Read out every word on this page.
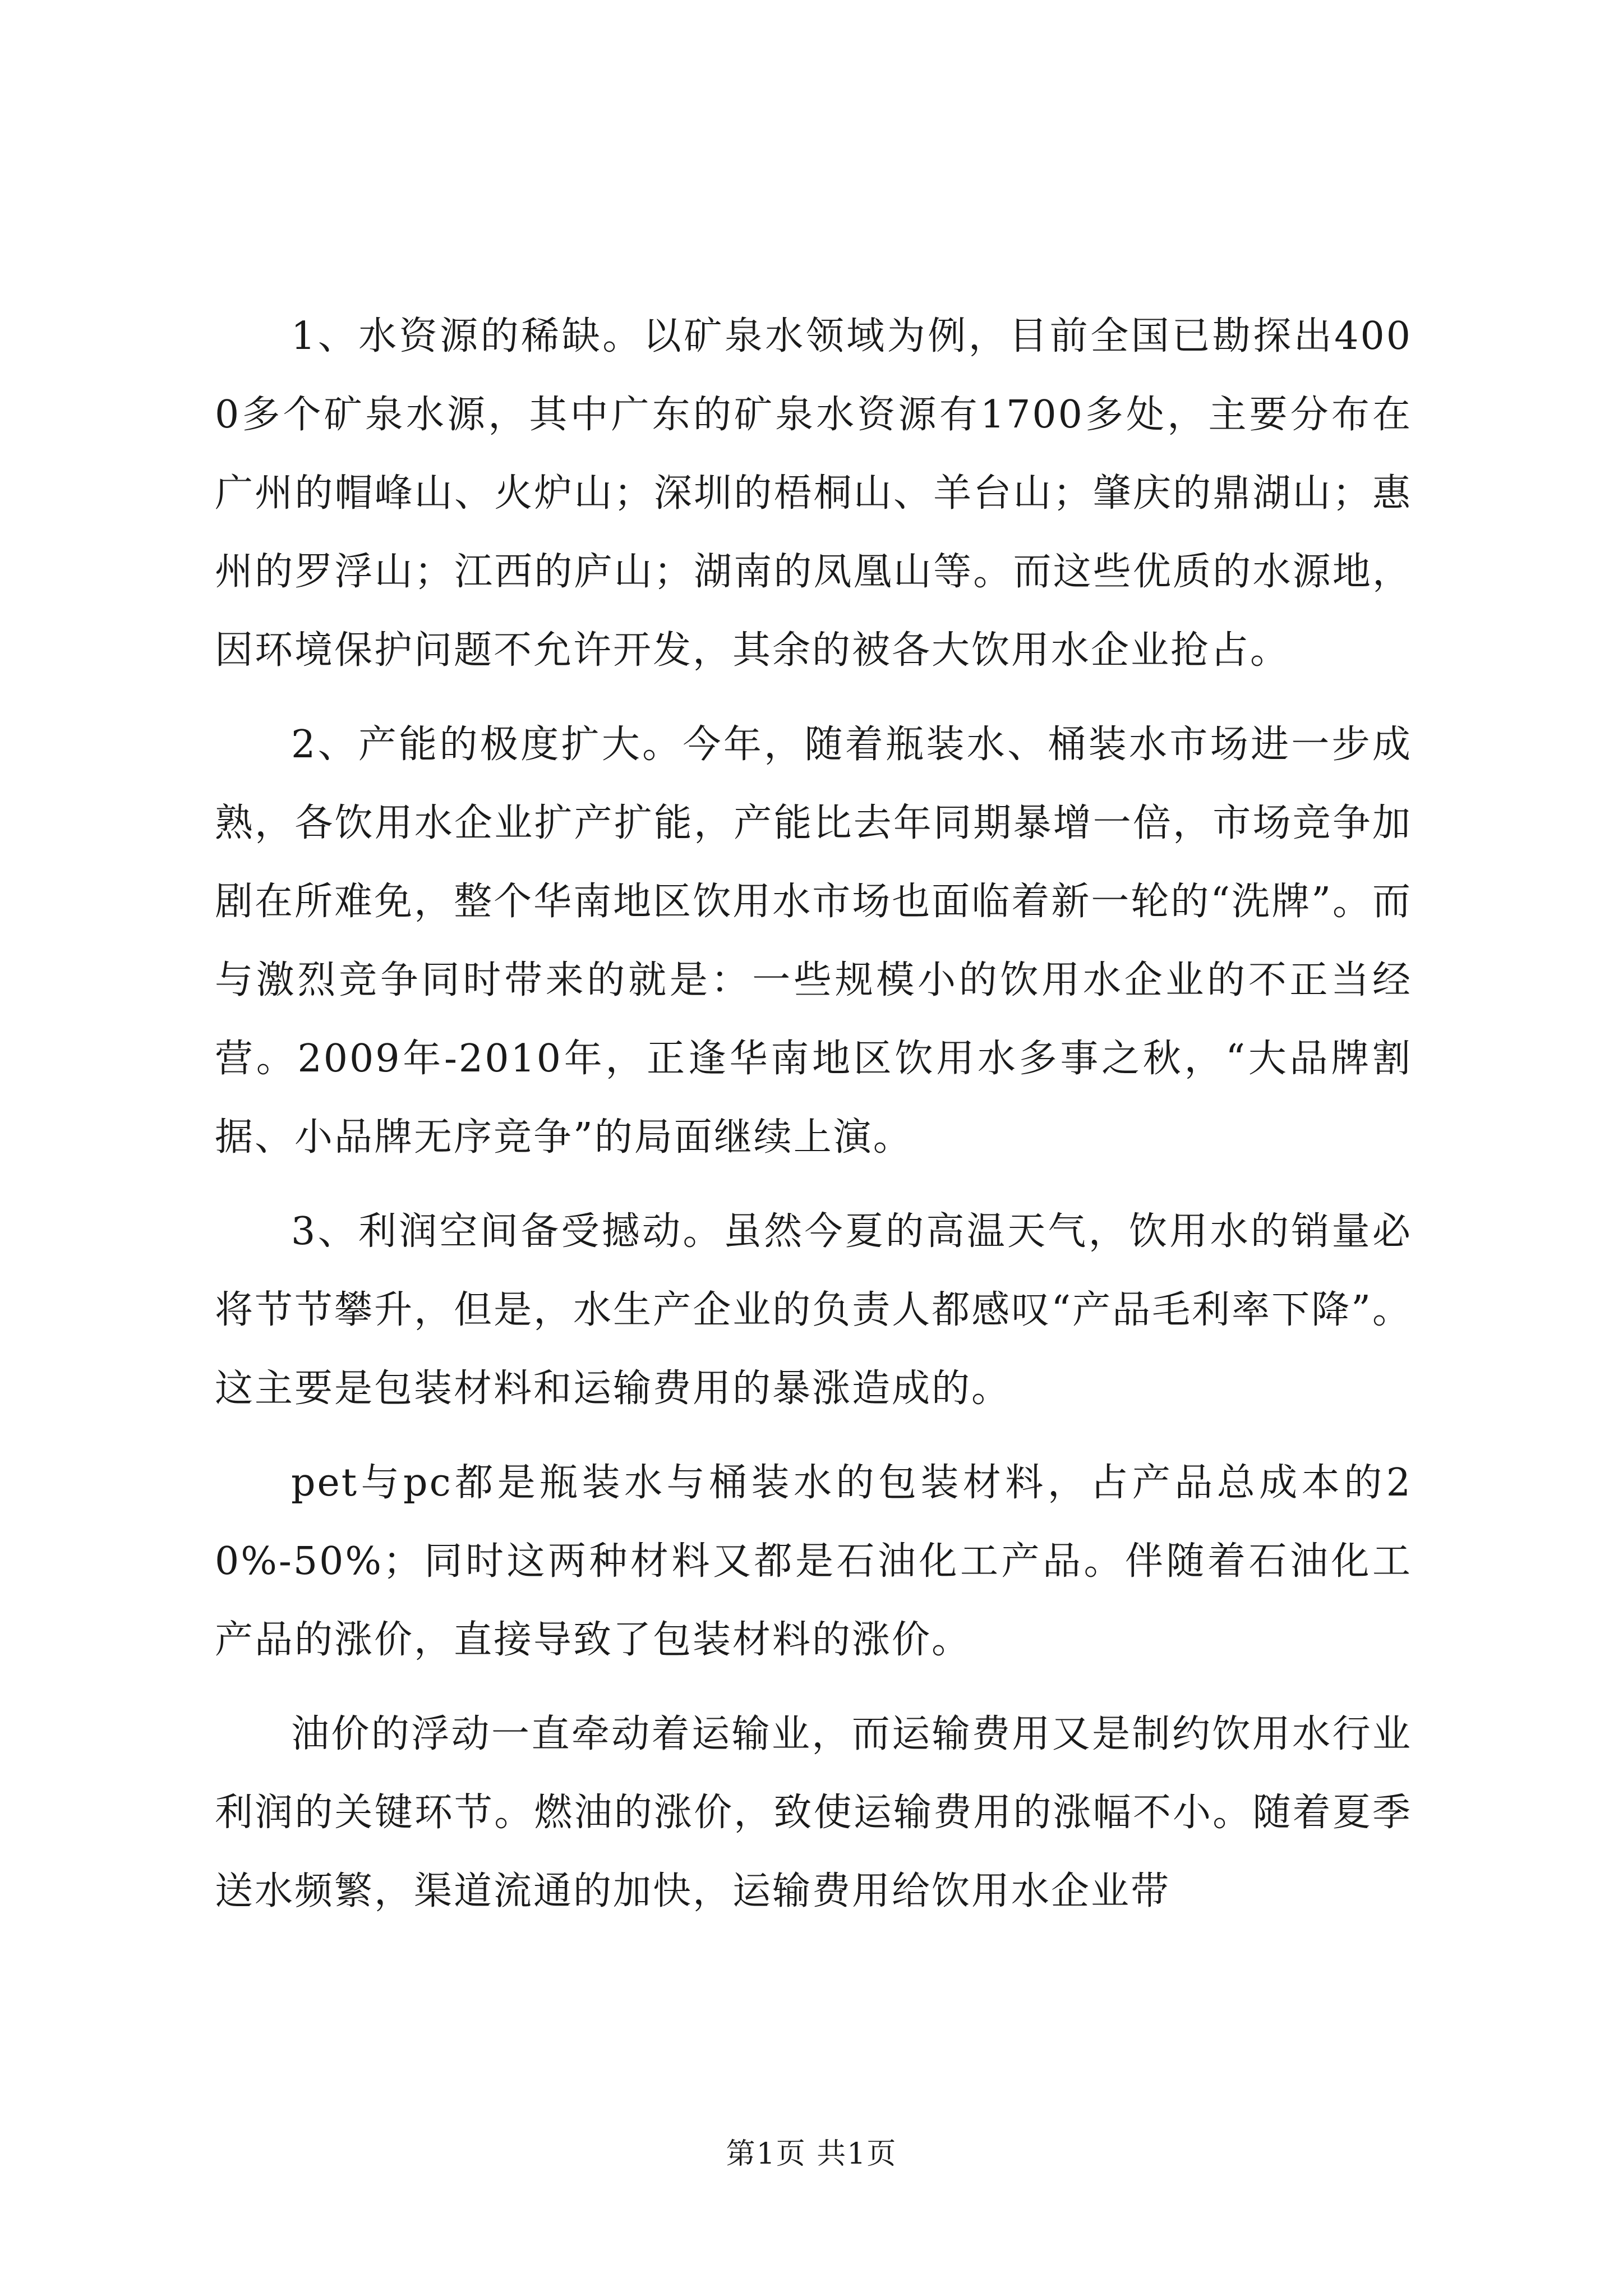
1、水资源的稀缺。以矿泉水领域为例，目前全国已勘探出4000多个矿泉水源，其中广东的矿泉水资源有1700多处，主要分布在广州的帽峰山、火炉山；深圳的梧桐山、羊台山；肇庆的鼎湖山；惠州的罗浮山；江西的庐山；湖南的凤凰山等。而这些优质的水源地，因环境保护问题不允许开发，其余的被各大饮用水企业抢占。

2、产能的极度扩大。今年，随着瓶装水、桶装水市场进一步成熟，各饮用水企业扩产扩能，产能比去年同期暴增一倍，市场竞争加剧在所难免，整个华南地区饮用水市场也面临着新一轮的“洗牌”。而与激烈竞争同时带来的就是：一些规模小的饮用水企业的不正当经营。2009年-2010年，正逢华南地区饮用水多事之秋，“大品牌割据、小品牌无序竞争”的局面继续上演。

3、利润空间备受撼动。虽然今夏的高温天气，饮用水的销量必将节节攀升，但是，水生产企业的负责人都感叹“产品毛利率下降”。这主要是包装材料和运输费用的暴涨造成的。

pet与pc都是瓶装水与桶装水的包装材料，占产品总成本的20%-50%；同时这两种材料又都是石油化工产品。伴随着石油化工产品的涨价，直接导致了包装材料的涨价。

油价的浮动一直牵动着运输业，而运输费用又是制约饮用水行业利润的关键环节。燃油的涨价，致使运输费用的涨幅不小。随着夏季送水频繁，渠道流通的加快，运输费用给饮用水企业带

第1页 共1页
